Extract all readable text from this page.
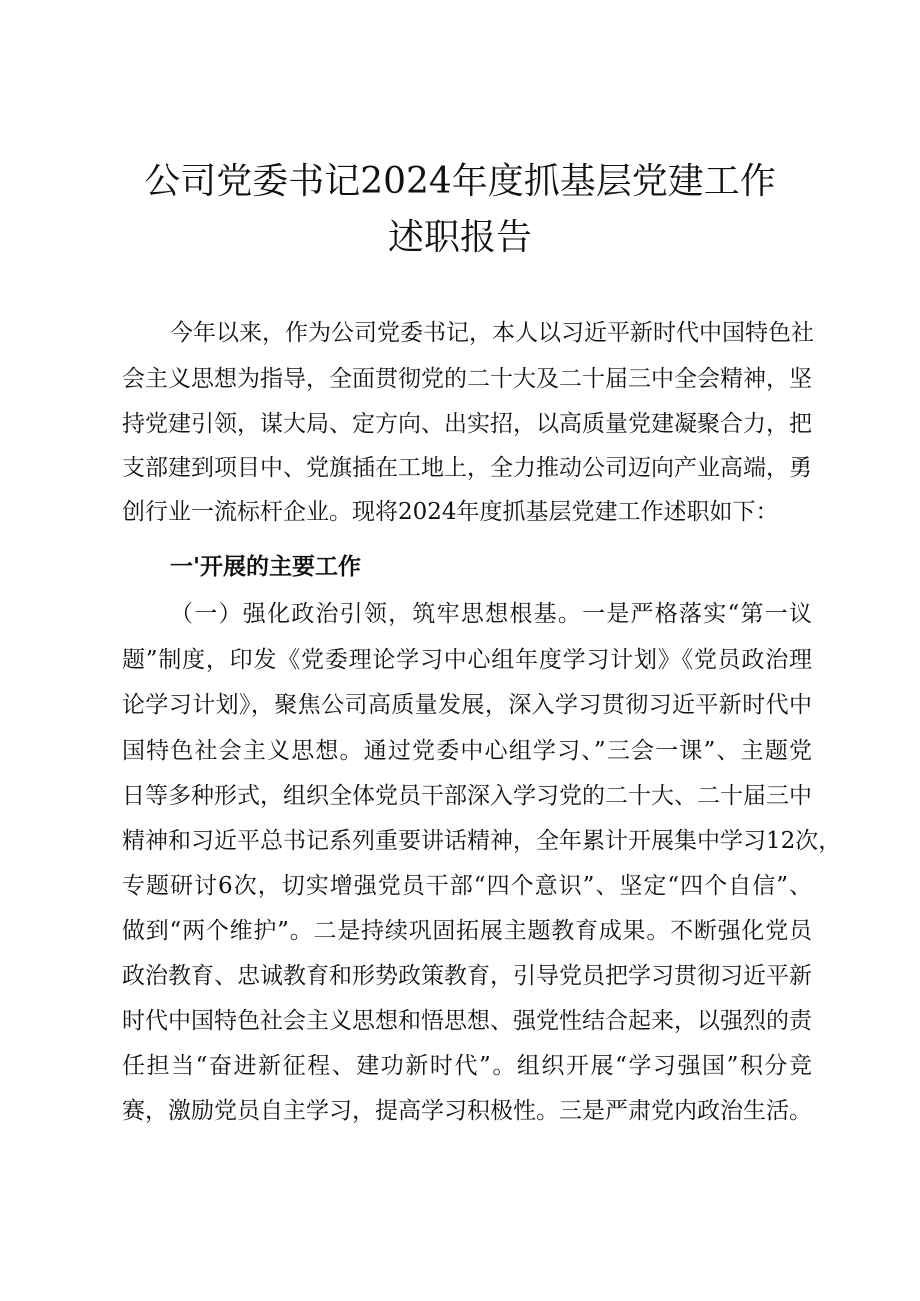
公司党委书记2024年度抓基层党建工作
述职报告

今年以来，作为公司党委书记，本人以习近平新时代中国特色社

会主义思想为指导，全面贯彻党的二十大及二十届三中全会精神，坚

持党建引领，谋大局、定方向、出实招，以高质量党建凝聚合力，把

支部建到项目中、党旗插在工地上，全力推动公司迈向产业高端，勇

创行业一流标杆企业。现将2024年度抓基层党建工作述职如下：

一'开展的主要工作

（一）强化政治引领，筑牢思想根基。一是严格落实“第一议

题”制度，印发《党委理论学习中心组年度学习计划》《党员政治理

论学习计划》，聚焦公司高质量发展，深入学习贯彻习近平新时代中

国特色社会主义思想。通过党委中心组学习、”三会一课”、主题党

日等多种形式，组织全体党员干部深入学习党的二十大、二十届三中

精神和习近平总书记系列重要讲话精神，全年累计开展集中学习12次，

专题研讨6次，切实增强党员干部“四个意识”、坚定“四个自信”、

做到“两个维护”。二是持续巩固拓展主题教育成果。不断强化党员

政治教育、忠诚教育和形势政策教育，引导党员把学习贯彻习近平新

时代中国特色社会主义思想和悟思想、强党性结合起来，以强烈的责

任担当“奋进新征程、建功新时代”。组织开展“学习强国”积分竞

赛，激励党员自主学习，提高学习积极性。三是严肃党内政治生活。
